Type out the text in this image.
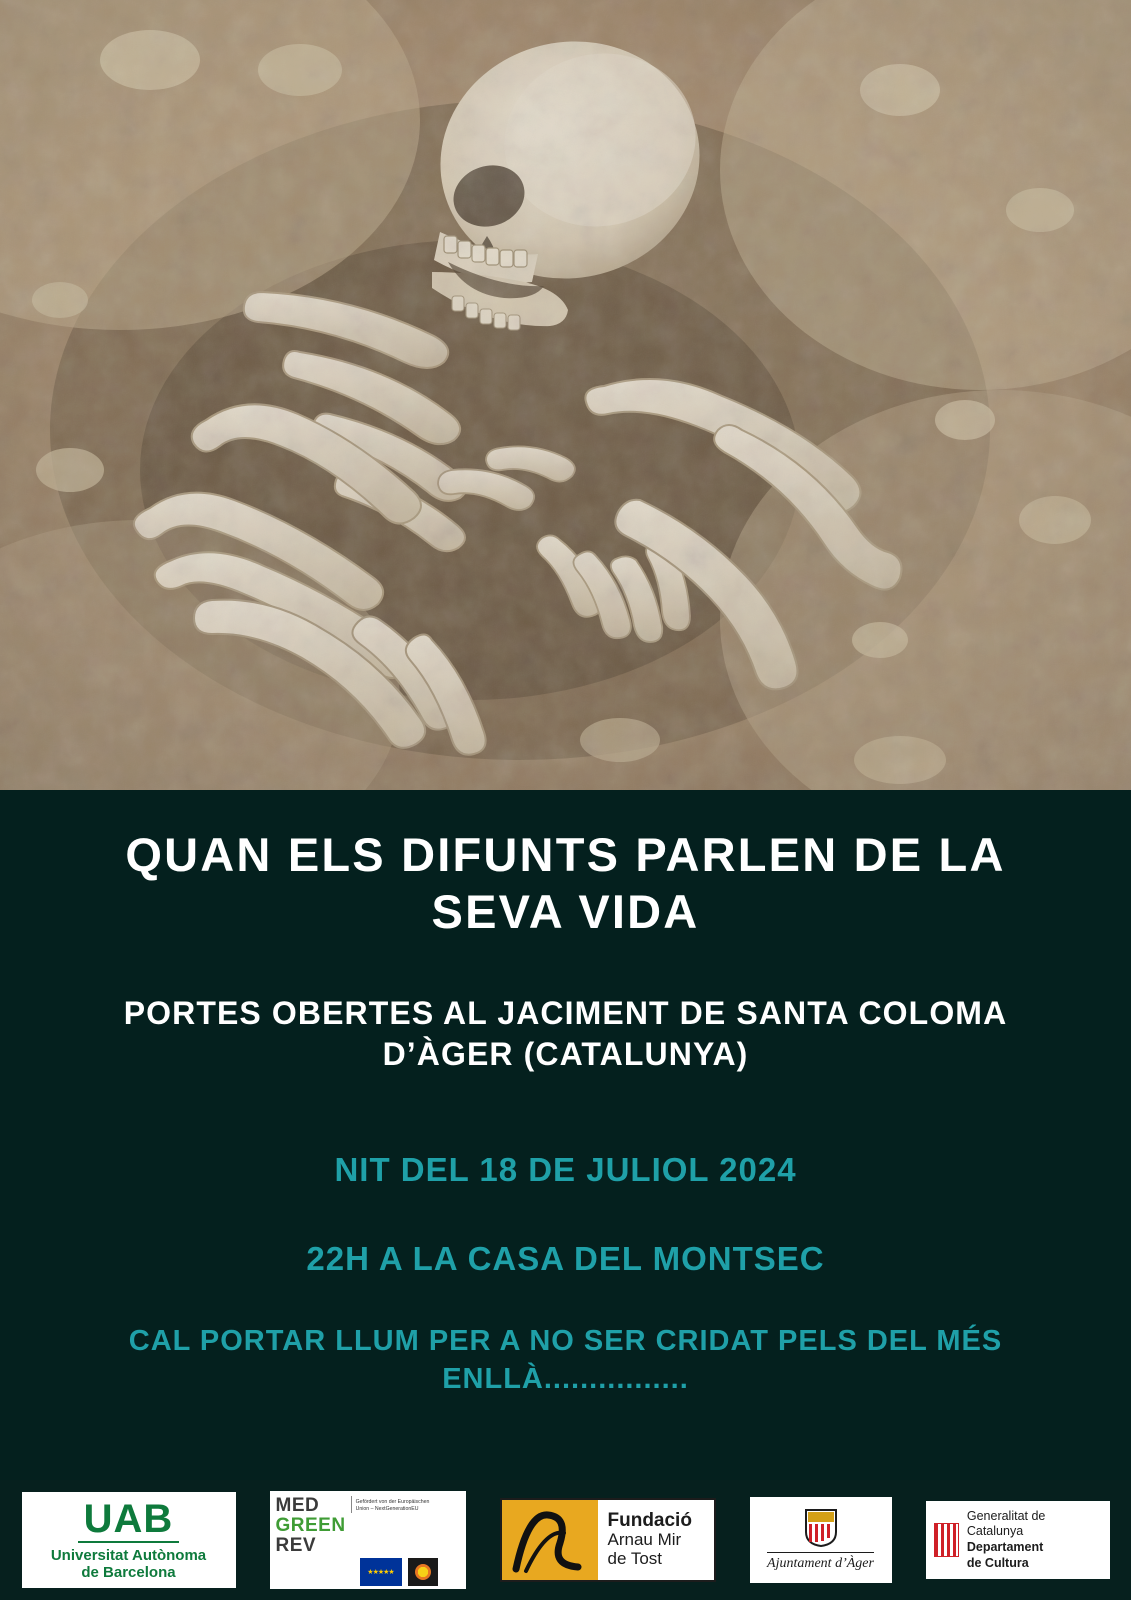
QUAN ELS DIFUNTS PARLEN DE LA SEVA VIDA
PORTES OBERTES AL JACIMENT DE SANTA COLOMA D’ÀGER (CATALUNYA)

NIT DEL 18 DE JULIOL 2024

22H A LA CASA DEL MONTSEC

CAL PORTAR LLUM PER A NO SER CRIDAT PELS DEL MÉS ENLLÀ................

UAB
Universitat Autònoma
de Barcelona
MED
GREEN
REV
Gefördert von der Europäischen Union – NextGenerationEU
★★★★★
Fundació
Arnau Mir
de Tost	Ajuntament d’Àger
Generalitat de Catalunya
Departament
de Cultura
